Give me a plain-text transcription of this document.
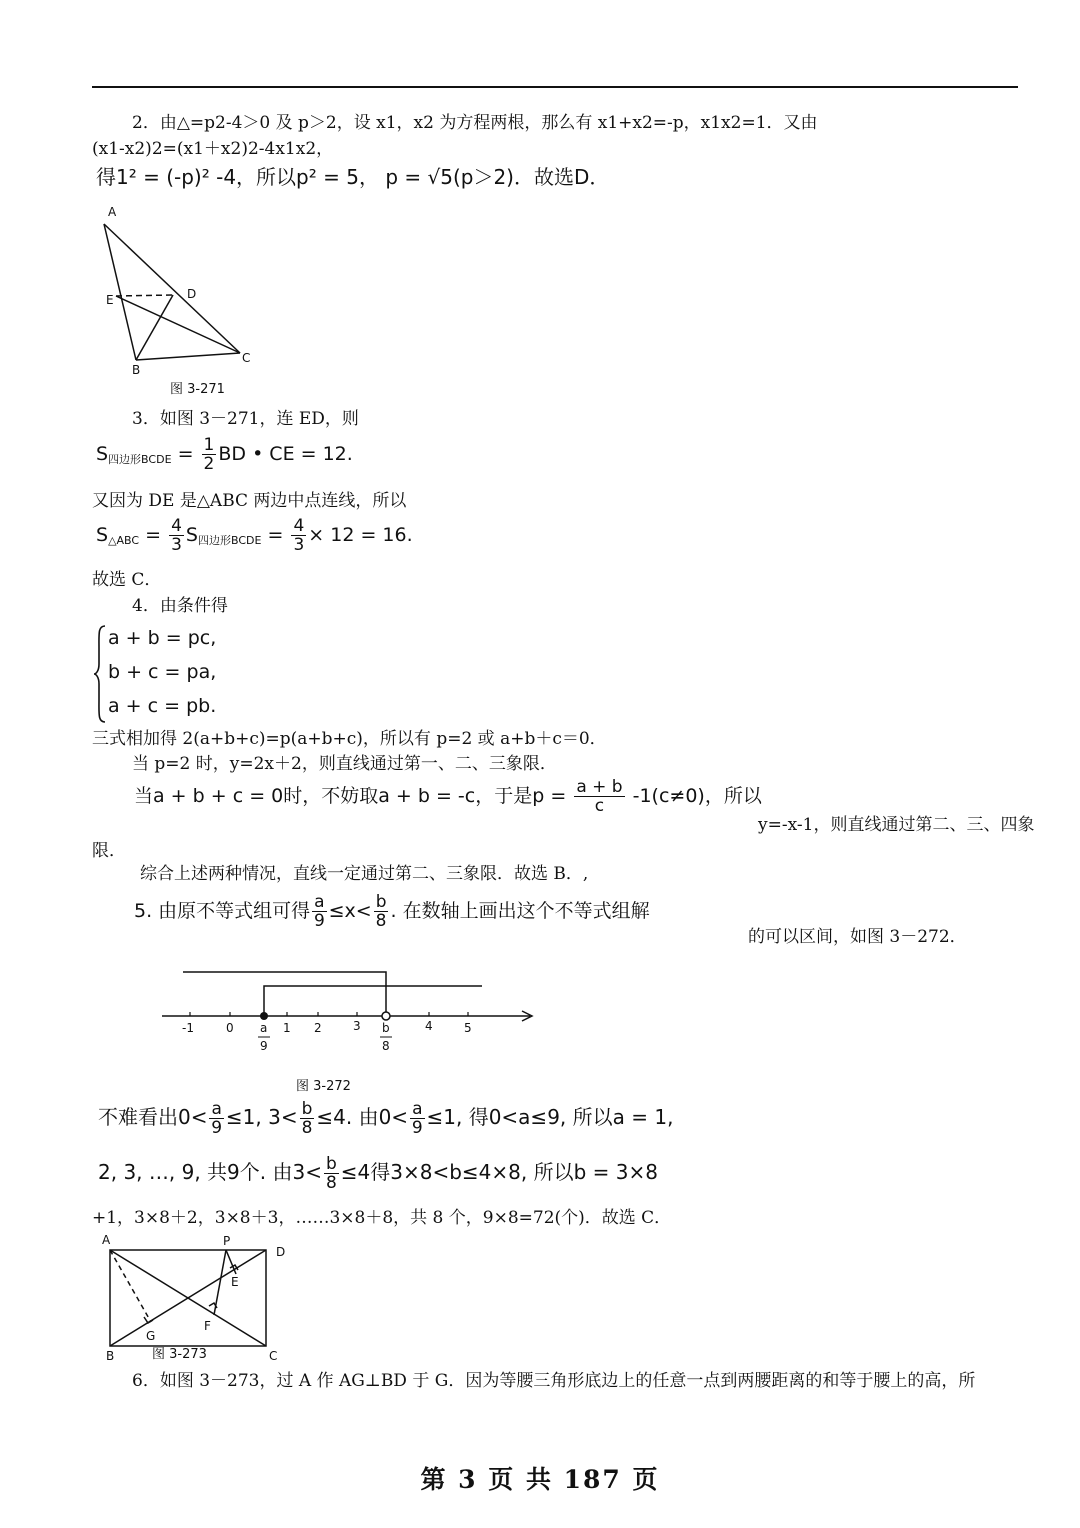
2．由△=p2-4＞0 及 p＞2，设 x1，x2 为方程两根，那么有 x1+x2=-p，x1x2=1．又由
(x1-x2)2=(x1＋x2)2-4x1x2，
得1² = (-p)² -4，所以p² = 5， p = √5(p＞2)．故选D．
A
E	D
C
B
图 3-271
3．如图 3－271，连 ED，则
$S_{四边形BCDE} = \frac{1}{2}$ BD • CE = 12.
又因为 DE 是△ABC 两边中点连线，所以
$S_{\triangle ABC} = \frac{4}{3} S_{四边形BCDE} = \frac{4}{3} \times 12 = 16$.
故选 C．
4．由条件得
a + b = pc,
b + c = pa,
a + c = pb.
三式相加得 2(a+b+c)=p(a+b+c)，所以有 p=2 或 a+b＋c＝0．
当 p=2 时，y=2x＋2，则直线通过第一、二、三象限．
当a + b + c = 0时，不妨取a + b = -c，于是$p = \frac{a + b}{c} -1(c\ne 0)$，所以
y=-x-1，则直线通过第二、三、四象
限．
综合上述两种情况，直线一定通过第二、三象限．故选 B．,
5. 由原不等式组可得 $\frac{a}{9} \le x< \frac{b}{8}$ . 在数轴上画出这个不等式组解
的可以区间，如图 3－272．
-1	0	1 2	3	4	5
a
9
b
8
图 3-272
不难看出$0< \frac{a}{9} \le 1$, $3< \frac{b}{8} \le 4$. 由$0< \frac{a}{9} \le 1$, 得0<a≤9, 所以a = 1,
2, 3, …, 9, 共9个. 由$3< \frac{b}{8} \le 4$得3×8<b≤4×8, 所以b = 3×8
+1，3×8＋2，3×8＋3，……3×8＋8，共 8 个，9×8=72(个)．故选 C．
A	P
D
E
F
G
B	C
图 3-273
6．如图 3－273，过 A 作 AG⊥BD 于 G．因为等腰三角形底边上的任意一点到两腰距离的和等于腰上的高，所
第 3 页 共 187 页
